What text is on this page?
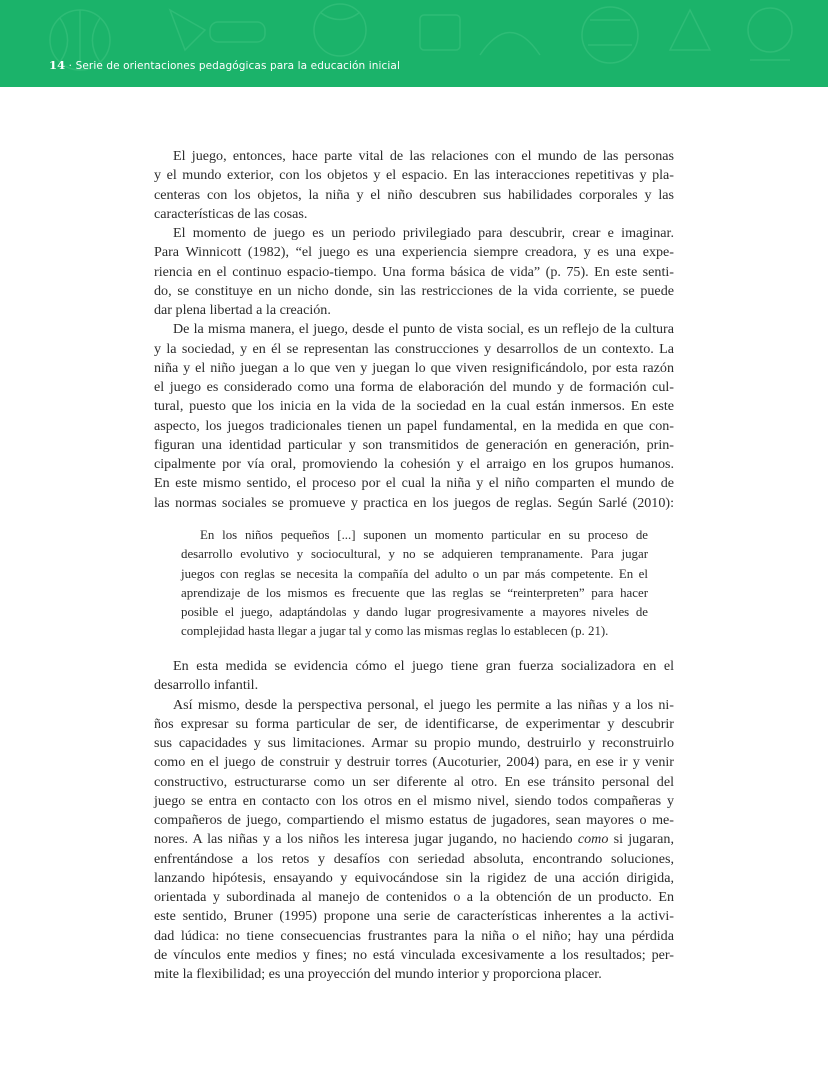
14 · Serie de orientaciones pedagógicas para la educación inicial
El juego, entonces, hace parte vital de las relaciones con el mundo de las personas
y el mundo exterior, con los objetos y el espacio. En las interacciones repetitivas y pla-
centeras con los objetos, la niña y el niño descubren sus habilidades corporales y las
características de las cosas.
El momento de juego es un periodo privilegiado para descubrir, crear e imaginar.
Para Winnicott (1982), “el juego es una experiencia siempre creadora, y es una expe-
riencia en el continuo espacio-tiempo. Una forma básica de vida” (p. 75). En este senti-
do, se constituye en un nicho donde, sin las restricciones de la vida corriente, se puede
dar plena libertad a la creación.
De la misma manera, el juego, desde el punto de vista social, es un reflejo de la cultura
y la sociedad, y en él se representan las construcciones y desarrollos de un contexto. La
niña y el niño juegan a lo que ven y juegan lo que viven resignificándolo, por esta razón
el juego es considerado como una forma de elaboración del mundo y de formación cul-
tural, puesto que los inicia en la vida de la sociedad en la cual están inmersos. En este
aspecto, los juegos tradicionales tienen un papel fundamental, en la medida en que con-
figuran una identidad particular y son transmitidos de generación en generación, prin-
cipalmente por vía oral, promoviendo la cohesión y el arraigo en los grupos humanos.
En este mismo sentido, el proceso por el cual la niña y el niño comparten el mundo de
las normas sociales se promueve y practica en los juegos de reglas. Según Sarlé (2010):
En los niños pequeños [...] suponen un momento particular en su proceso de
desarrollo evolutivo y sociocultural, y no se adquieren tempranamente. Para jugar
juegos con reglas se necesita la compañía del adulto o un par más competente. En el
aprendizaje de los mismos es frecuente que las reglas se “reinterpreten” para hacer
posible el juego, adaptándolas y dando lugar progresivamente a mayores niveles de
complejidad hasta llegar a jugar tal y como las mismas reglas lo establecen (p. 21).
En esta medida se evidencia cómo el juego tiene gran fuerza socializadora en el
desarrollo infantil.
Así mismo, desde la perspectiva personal, el juego les permite a las niñas y a los ni-
ños expresar su forma particular de ser, de identificarse, de experimentar y descubrir
sus capacidades y sus limitaciones. Armar su propio mundo, destruirlo y reconstruirlo
como en el juego de construir y destruir torres (Aucoturier, 2004) para, en ese ir y venir
constructivo, estructurarse como un ser diferente al otro. En ese tránsito personal del
juego se entra en contacto con los otros en el mismo nivel, siendo todos compañeras y
compañeros de juego, compartiendo el mismo estatus de jugadores, sean mayores o me-
nores. A las niñas y a los niños les interesa jugar jugando, no haciendo como si jugaran,
enfrentándose a los retos y desafíos con seriedad absoluta, encontrando soluciones,
lanzando hipótesis, ensayando y equivocándose sin la rigidez de una acción dirigida,
orientada y subordinada al manejo de contenidos o a la obtención de un producto. En
este sentido, Bruner (1995) propone una serie de características inherentes a la activi-
dad lúdica: no tiene consecuencias frustrantes para la niña o el niño; hay una pérdida
de vínculos ente medios y fines; no está vinculada excesivamente a los resultados; per-
mite la flexibilidad; es una proyección del mundo interior y proporciona placer.
